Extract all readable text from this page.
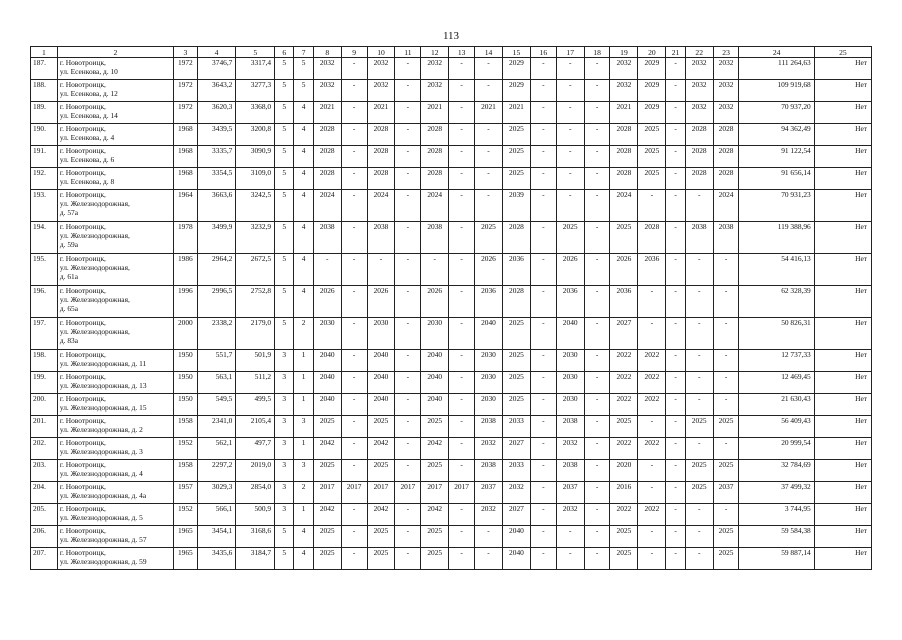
113
1	2	3	4	5	6	7	8	9	10	11	12	13	14	15	16	17	18	19	20	21	22	23	24	25
187.	г. Новотроицк,
ул. Есенкова, д. 10	1972	3746,7	3317,4	5	5	2032	-	2032	-	2032	-	-	2029	-	-	-	2032	2029	-	2032	2032	111 264,63	Нет
188.	г. Новотроицк,
ул. Есенкова, д. 12	1972	3643,2	3277,3	5	5	2032	-	2032	-	2032	-	-	2029	-	-	-	2032	2029	-	2032	2032	109 919,68	Нет
189.	г. Новотроицк,
ул. Есенкова, д. 14	1972	3620,3	3368,0	5	4	2021	-	2021	-	2021	-	2021	2021	-	-	-	2021	2029	-	2032	2032	70 937,20	Нет
190.	г. Новотроицк,
ул. Есенкова, д. 4	1968	3439,5	3200,8	5	4	2028	-	2028	-	2028	-	-	2025	-	-	-	2028	2025	-	2028	2028	94 362,49	Нет
191.	г. Новотроицк,
ул. Есенкова, д. 6	1968	3335,7	3090,9	5	4	2028	-	2028	-	2028	-	-	2025	-	-	-	2028	2025	-	2028	2028	91 122,54	Нет
192.	г. Новотроицк,
ул. Есенкова, д. 8	1968	3354,5	3109,0	5	4	2028	-	2028	-	2028	-	-	2025	-	-	-	2028	2025	-	2028	2028	91 656,14	Нет
193.	г. Новотроицк,
ул. Железнодорожная,
д. 57а	1964	3663,6	3242,5	5	4	2024	-	2024	-	2024	-	-	2039	-	-	-	2024	-	-	-	2024	70 931,23	Нет
194.	г. Новотроицк,
ул. Железнодорожная,
д. 59а	1978	3499,9	3232,9	5	4	2038	-	2038	-	2038	-	2025	2028	-	2025	-	2025	2028	-	2038	2038	119 388,96	Нет
195.	г. Новотроицк,
ул. Железнодорожная,
д. 61а	1986	2964,2	2672,5	5	4	-	-	-	-	-	-	2026	2036	-	2026	-	2026	2036	-	-	-	54 416,13	Нет
196.	г. Новотроицк,
ул. Железнодорожная,
д. 65а	1996	2996,5	2752,8	5	4	2026	-	2026	-	2026	-	2036	2028	-	2036	-	2036	-	-	-	-	62 328,39	Нет
197.	г. Новотроицк,
ул. Железнодорожная,
д. 83а	2000	2338,2	2179,0	5	2	2030	-	2030	-	2030	-	2040	2025	-	2040	-	2027	-	-	-	-	50 826,31	Нет
198.	г. Новотроицк,
ул. Железнодорожная, д. 11	1950	551,7	501,9	3	1	2040	-	2040	-	2040	-	2030	2025	-	2030	-	2022	2022	-	-	-	12 737,33	Нет
199.	г. Новотроицк,
ул. Железнодорожная, д. 13	1950	563,1	511,2	3	1	2040	-	2040	-	2040	-	2030	2025	-	2030	-	2022	2022	-	-	-	12 469,45	Нет
200.	г. Новотроицк,
ул. Железнодорожная, д. 15	1950	549,5	499,5	3	1	2040	-	2040	-	2040	-	2030	2025	-	2030	-	2022	2022	-	-	-	21 630,43	Нет
201.	г. Новотроицк,
ул. Железнодорожная, д. 2	1958	2341,0	2105,4	3	3	2025	-	2025	-	2025	-	2038	2033	-	2038	-	2025	-	-	2025	2025	56 409,43	Нет
202.	г. Новотроицк,
ул. Железнодорожная, д. 3	1952	562,1	497,7	3	1	2042	-	2042	-	2042	-	2032	2027	-	2032	-	2022	2022	-	-	-	20 999,54	Нет
203.	г. Новотроицк,
ул. Железнодорожная, д. 4	1958	2297,2	2019,0	3	3	2025	-	2025	-	2025	-	2038	2033	-	2038	-	2020	-	-	2025	2025	32 784,69	Нет
204.	г. Новотроицк,
ул. Железнодорожная, д. 4а	1957	3029,3	2854,0	3	2	2017	2017	2017	2017	2017	2017	2037	2032	-	2037	-	2016	-	-	2025	2037	37 499,32	Нет
205.	г. Новотроицк,
ул. Железнодорожная, д. 5	1952	566,1	500,9	3	1	2042	-	2042	-	2042	-	2032	2027	-	2032	-	2022	2022	-	-	-	3 744,95	Нет
206.	г. Новотроицк,
ул. Железнодорожная, д. 57	1965	3454,1	3168,6	5	4	2025	-	2025	-	2025	-	-	2040	-	-	-	2025	-	-	-	2025	59 584,38	Нет
207.	г. Новотроицк,
ул. Железнодорожная, д. 59	1965	3435,6	3184,7	5	4	2025	-	2025	-	2025	-	-	2040	-	-	-	2025	-	-	-	2025	59 887,14	Нет
